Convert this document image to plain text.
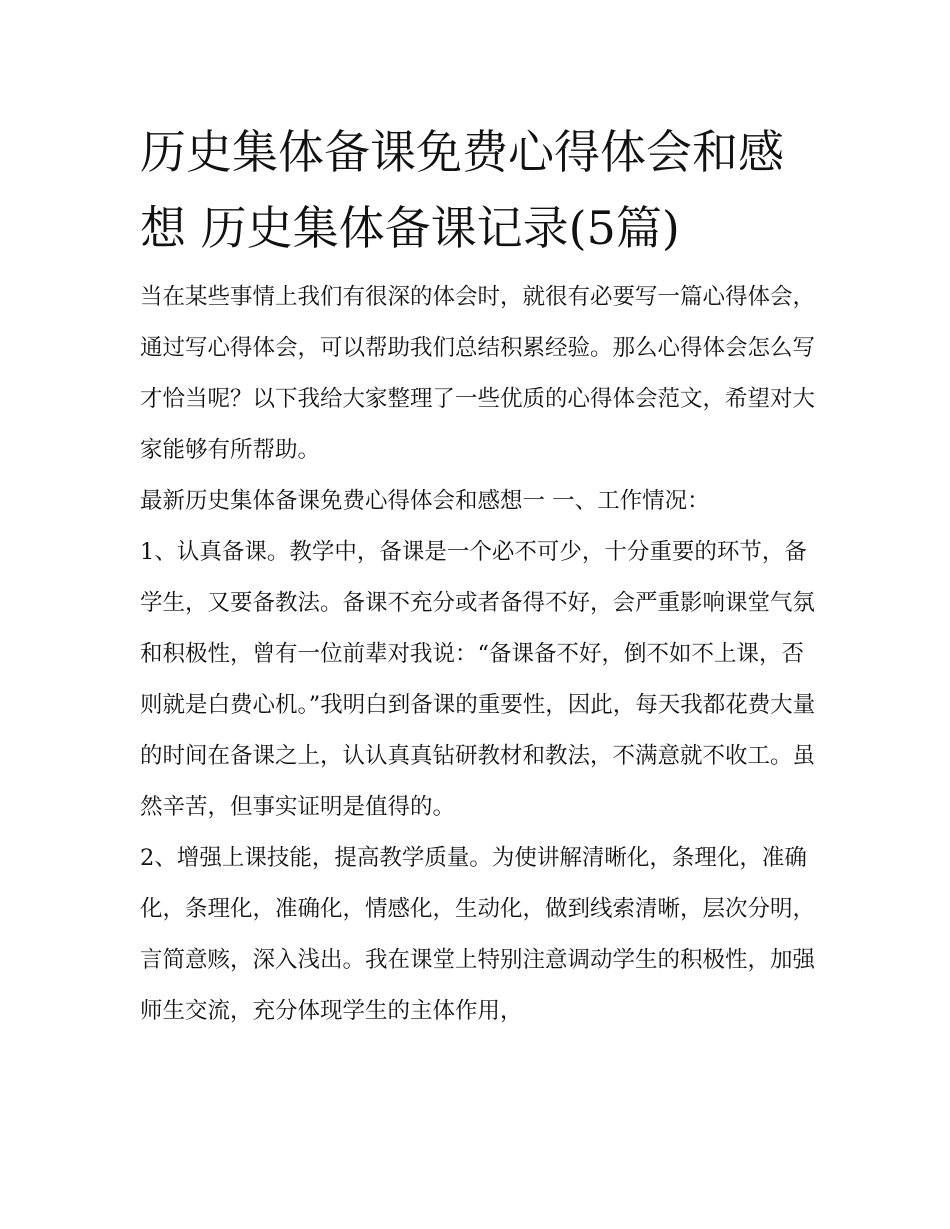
历史集体备课免费心得体会和感想 历史集体备课记录(5篇)

当在某些事情上我们有很深的体会时，就很有必要写一篇心得体会，通过写心得体会，可以帮助我们总结积累经验。那么心得体会怎么写才恰当呢？以下我给大家整理了一些优质的心得体会范文，希望对大家能够有所帮助。

最新历史集体备课免费心得体会和感想一 一、工作情况：

1、认真备课。教学中，备课是一个必不可少，十分重要的环节，备学生，又要备教法。备课不充分或者备得不好，会严重影响课堂气氛和积极性，曾有一位前辈对我说：“备课备不好，倒不如不上课，否则就是白费心机。”我明白到备课的重要性，因此，每天我都花费大量的时间在备课之上，认认真真钻研教材和教法，不满意就不收工。虽然辛苦，但事实证明是值得的。

2、增强上课技能，提高教学质量。为使讲解清晰化，条理化，准确化，条理化，准确化，情感化，生动化，做到线索清晰，层次分明，言简意赅，深入浅出。我在课堂上特别注意调动学生的积极性，加强师生交流，充分体现学生的主体作用，
